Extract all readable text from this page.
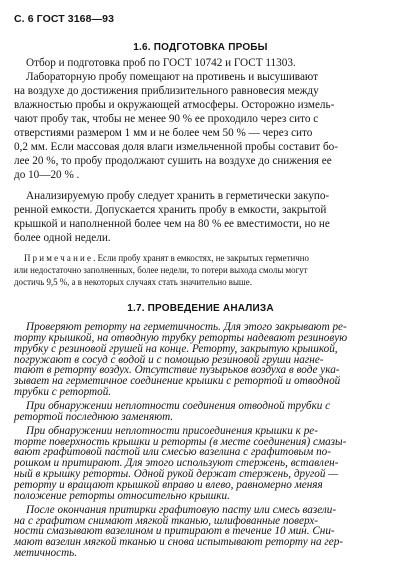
С. 6 ГОСТ 3168—93
1.6. ПОДГОТОВКА ПРОБЫ
Отбор и подготовка проб по ГОСТ 10742 и ГОСТ 11303.
Лабораторную пробу помещают на противень и высушивают
на воздухе до достижения приблизительного равновесия между
влажностью пробы и окружающей атмосферы. Осторожно измель-
чают пробу так, чтобы не менее 90 % ее проходило через сито с
отверстиями размером 1 мм и не более чем 50 % — через сито
0,2 мм. Если массовая доля влаги измельченной пробы составит бо-
лее 20 %, то пробу продолжают сушить на воздухе до снижения ее
до 10—20 % .
Анализируемую пробу следует хранить в герметически закупо-
ренной емкости. Допускается хранить пробу в емкости, закрытой
крышкой и наполненной более чем на 80 % ее вместимости, но не
более одной недели.
П р и м е ч а н и е . Если пробу хранят в емкостях, не закрытых герметично
или недостаточно заполненных, более недели, то потери выхода смолы могут
достичь 9,5 %, а в некоторых случаях стать значительно выше.
1.7. ПРОВЕДЕНИЕ АНАЛИЗА
Проверяют реторту на герметичность. Для этого закрывают ре-
торту крышкой, на отводную трубку реторты надевают резиновую
трубку с резиновой грушей на конце. Реторту, закрытую крышкой,
погружают в сосуд с водой и с помощью резиновой груши нагне-
тают в реторту воздух. Отсутствие пузырьков воздуха в воде ука-
зывает на герметичное соединение крышки с ретортой и отводной
трубки с ретортой.
При обнаружении неплотности соединения отводной трубки с
ретортой последнюю заменяют.
При обнаружении неплотности присоединения крышки к ре-
торте поверхность крышки и реторты (в месте соединения) смазы-
вают графитовой пастой или смесью вазелина с графитовым по-
рошком и притирают. Для этого используют стержень, вставлен-
ный в крышку реторты. Одной рукой держат стержень, другой —
реторту и вращают крышкой вправо и влево, равномерно меняя
положение реторты относительно крышки.
После окончания притирки графитовую пасту или смесь вазели-
на с графитом снимают мягкой тканью, шлифованные поверх-
ности смазывают вазелином и притирают в течение 10 мин. Сни-
мают вазелин мягкой тканью и снова испытывают реторту на гер-
метичность.
